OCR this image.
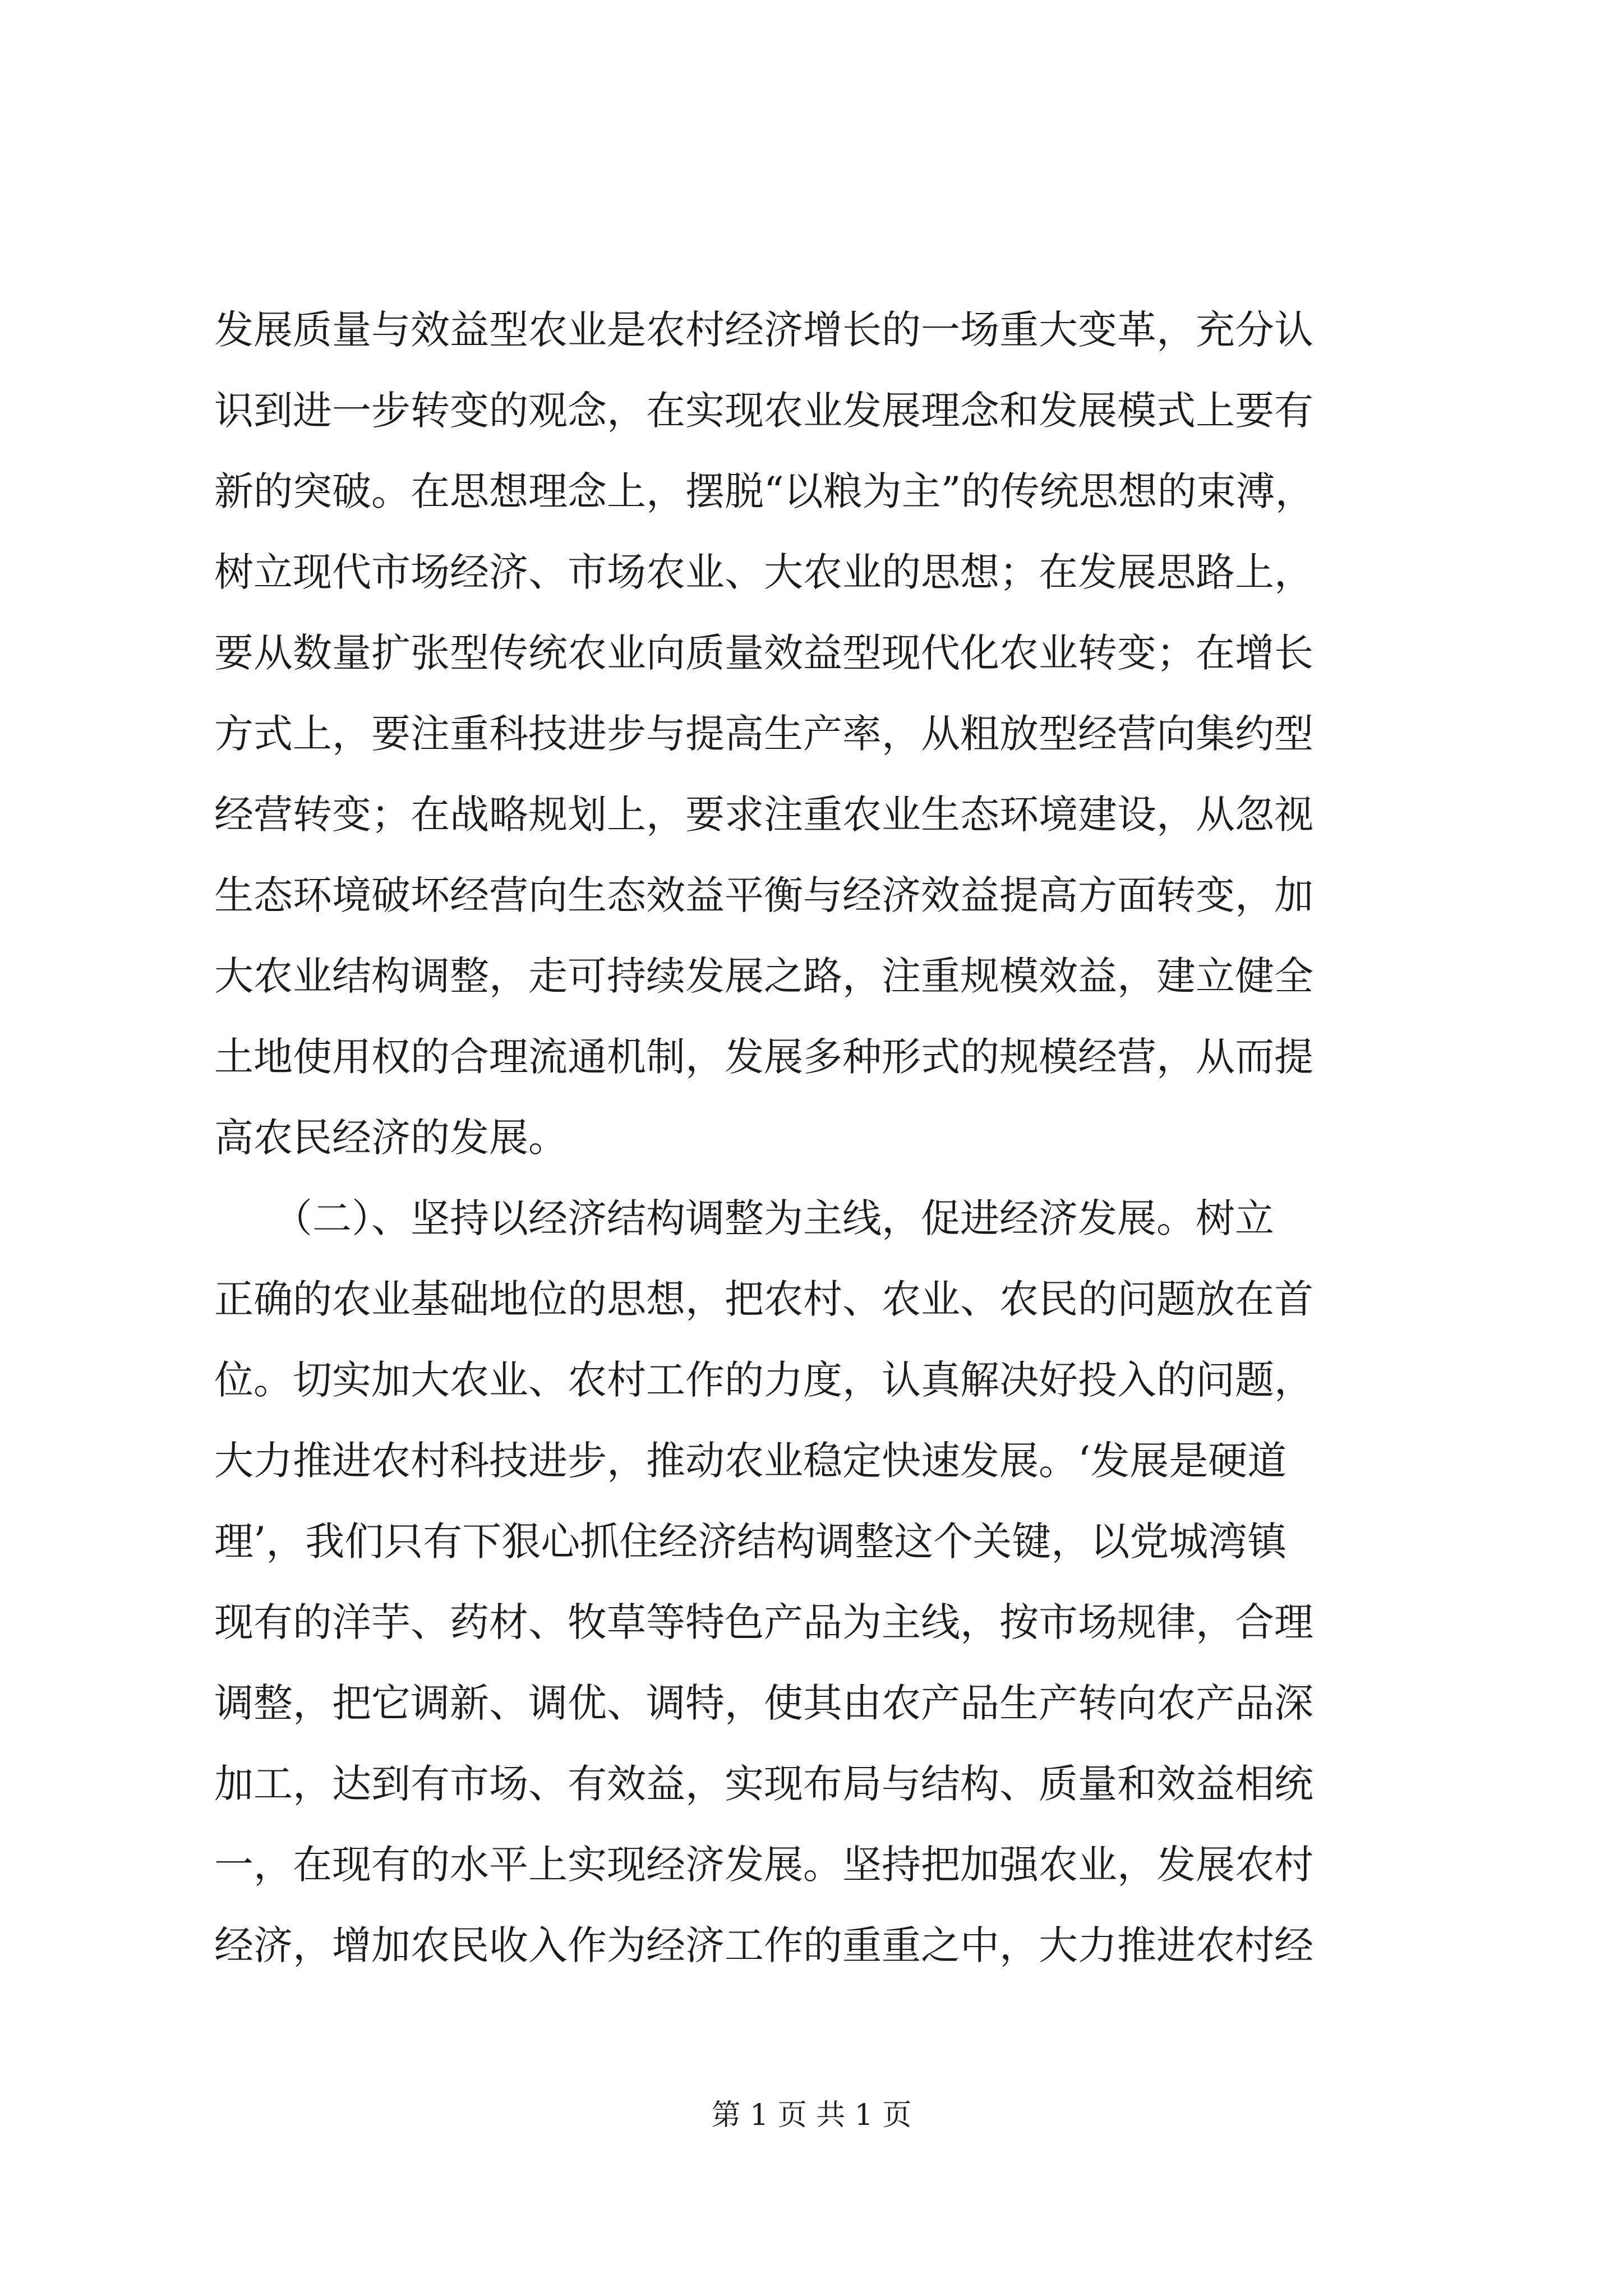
发展质量与效益型农业是农村经济增长的一场重大变革，充分认
识到进一步转变的观念，在实现农业发展理念和发展模式上要有
新的突破。在思想理念上，摆脱“以粮为主”的传统思想的束溥，
树立现代市场经济、市场农业、大农业的思想；在发展思路上，
要从数量扩张型传统农业向质量效益型现代化农业转变；在增长
方式上，要注重科技进步与提高生产率，从粗放型经营向集约型
经营转变；在战略规划上，要求注重农业生态环境建设，从忽视
生态环境破坏经营向生态效益平衡与经济效益提高方面转变，加
大农业结构调整，走可持续发展之路，注重规模效益，建立健全
土地使用权的合理流通机制，发展多种形式的规模经营，从而提
高农民经济的发展。
　　（二）、坚持以经济结构调整为主线，促进经济发展。树立
正确的农业基础地位的思想，把农村、农业、农民的问题放在首
位。切实加大农业、农村工作的力度，认真解决好投入的问题，
大力推进农村科技进步，推动农业稳定快速发展。‘发展是硬道
理’，我们只有下狠心抓住经济结构调整这个关键，以党城湾镇
现有的洋芋、药材、牧草等特色产品为主线，按市场规律，合理
调整，把它调新、调优、调特，使其由农产品生产转向农产品深
加工，达到有市场、有效益，实现布局与结构、质量和效益相统
一，在现有的水平上实现经济发展。坚持把加强农业，发展农村
经济，增加农民收入作为经济工作的重重之中，大力推进农村经
第 1 页 共 1 页
